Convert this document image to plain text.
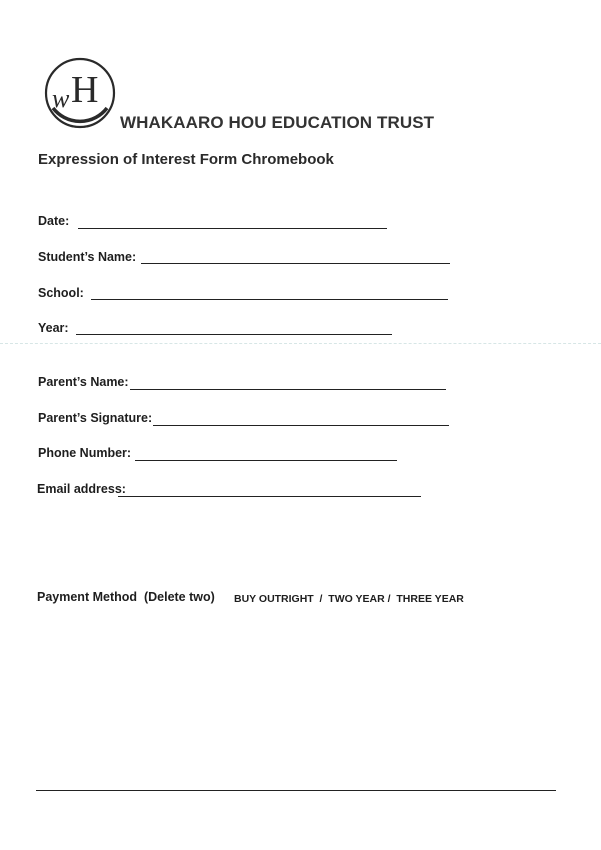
w H
WHAKAARO HOU EDUCATION TRUST
Expression of Interest Form Chromebook
Date:
Student’s Name:
School:
Year:
Parent’s Name:
Parent’s Signature:
Phone Number:
Email address:
Payment Method  (Delete two) BUY OUTRIGHT  /  TWO YEAR /  THREE YEAR
